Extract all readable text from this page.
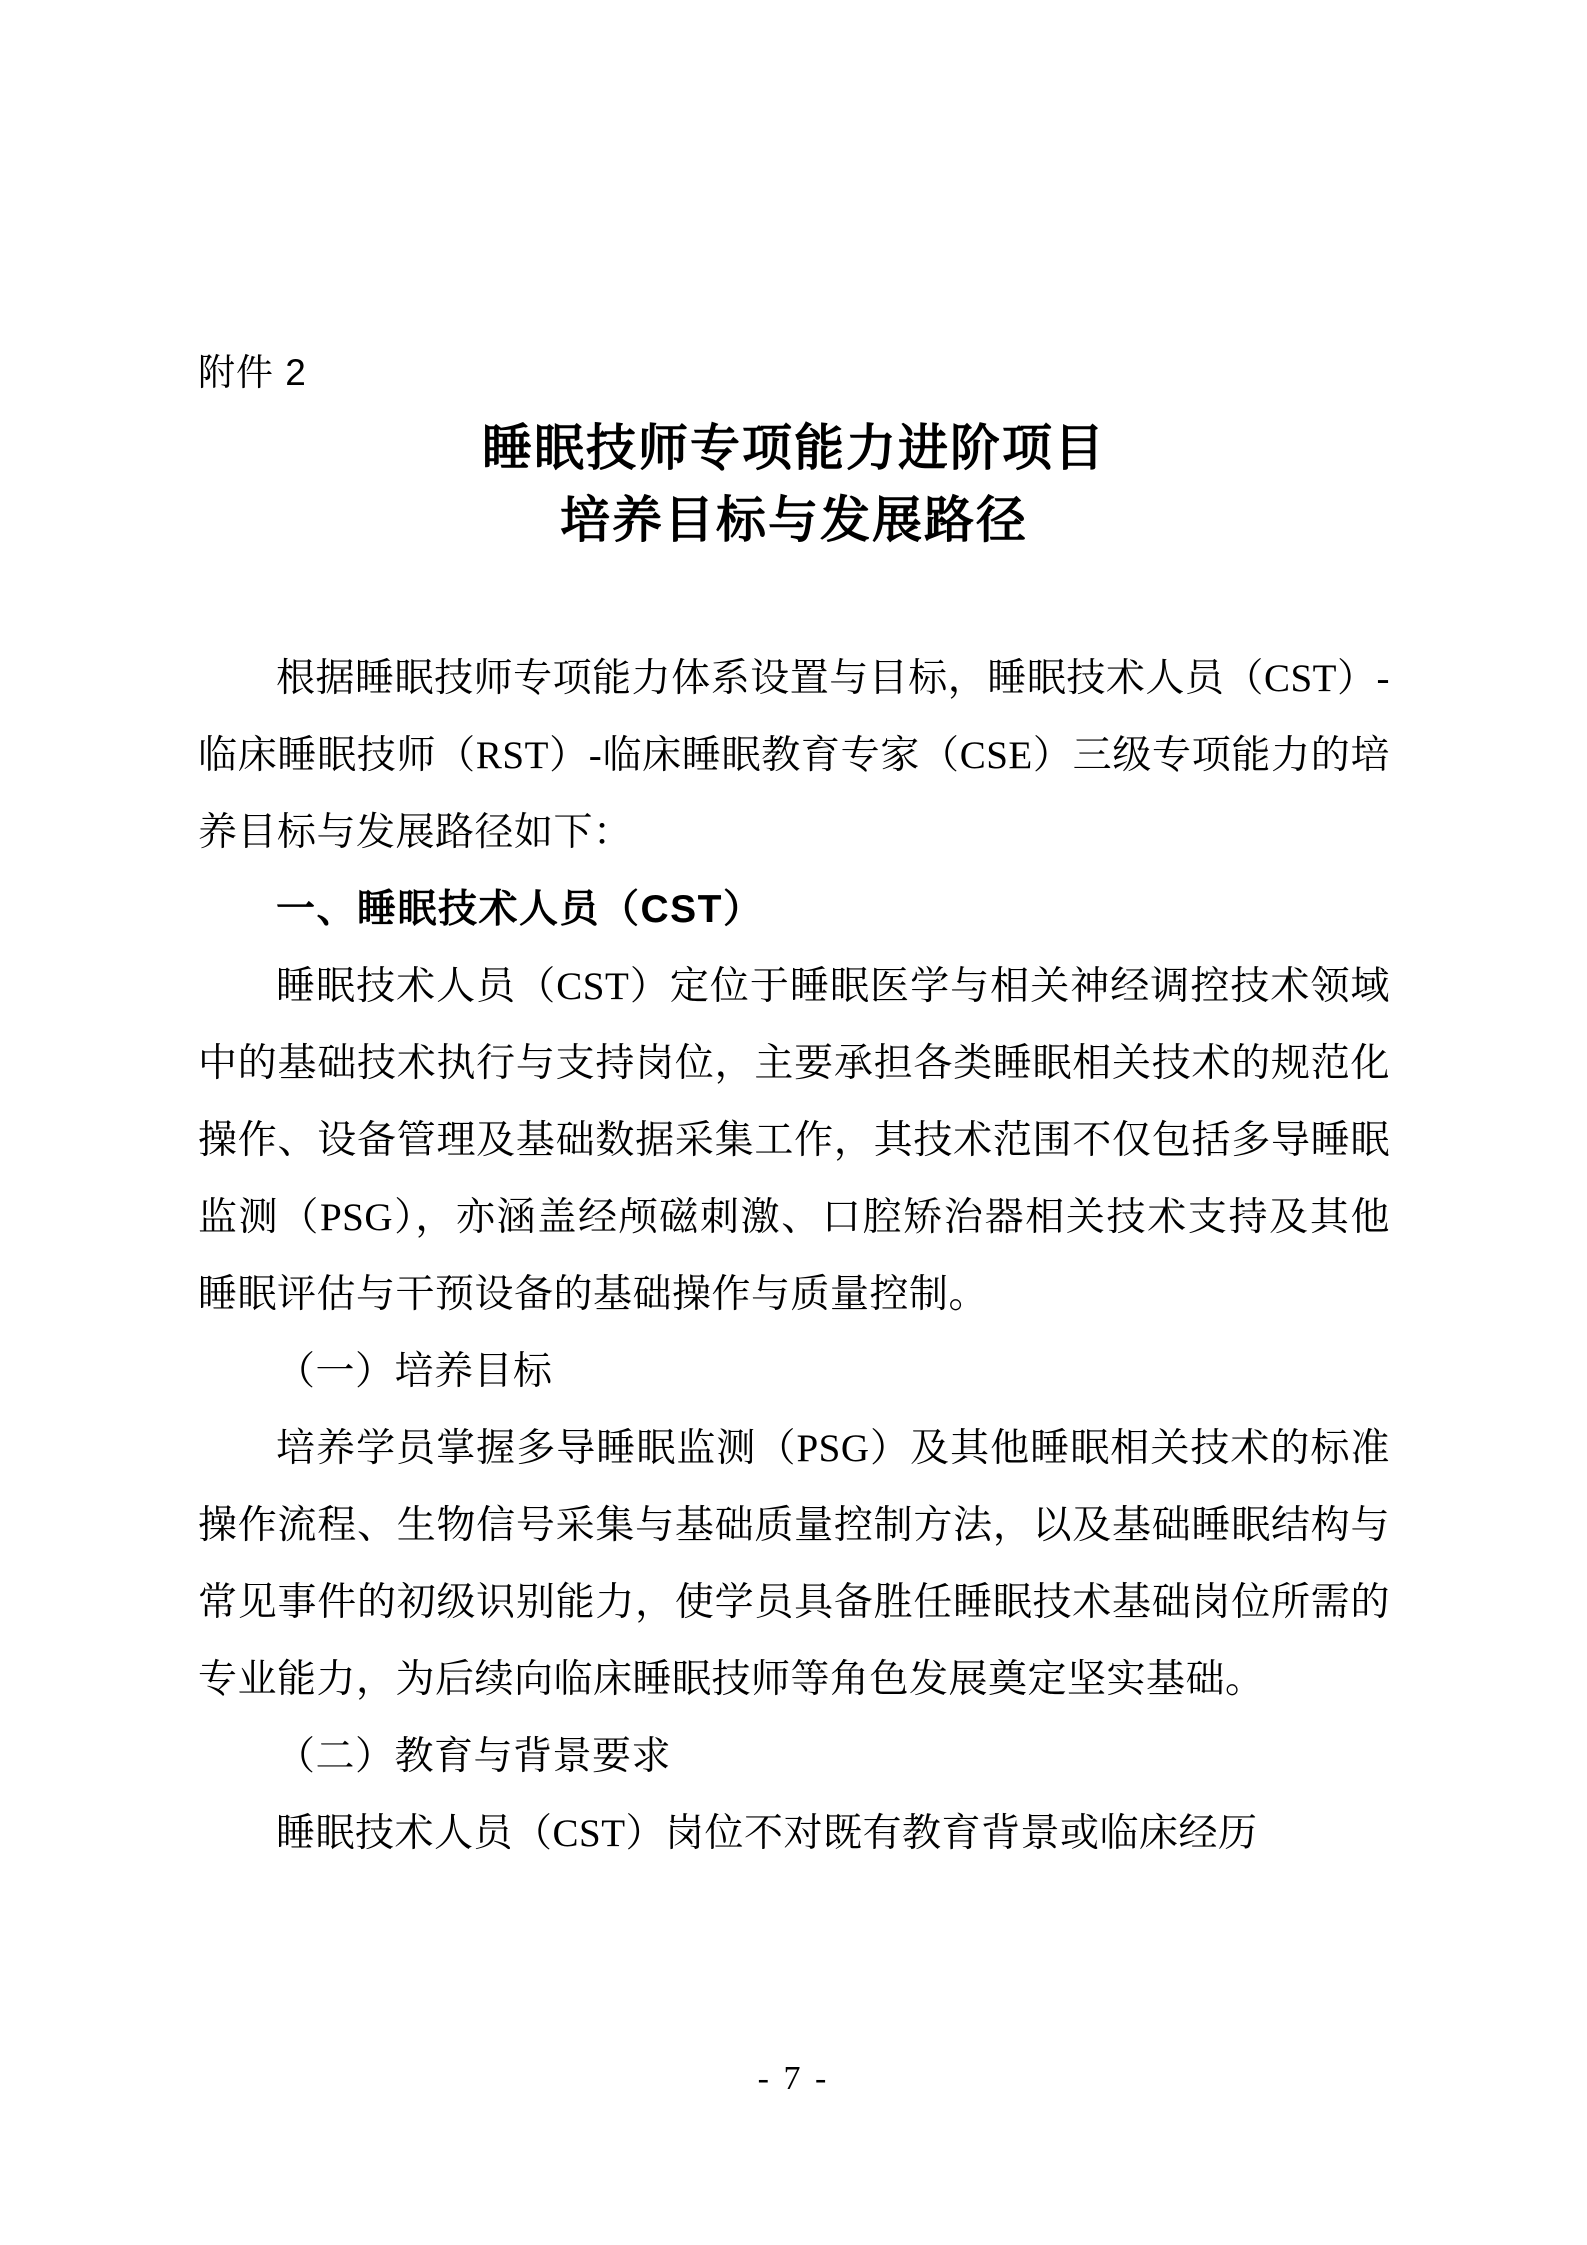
附件 2
睡眠技师专项能力进阶项目
培养目标与发展路径

根据睡眠技师专项能力体系设置与目标，睡眠技术人员（CST）-临床睡眠技师（RST）-临床睡眠教育专家（CSE）三级专项能力的培养目标与发展路径如下：

一、睡眠技术人员（CST）

睡眠技术人员（CST）定位于睡眠医学与相关神经调控技术领域中的基础技术执行与支持岗位，主要承担各类睡眠相关技术的规范化操作、设备管理及基础数据采集工作，其技术范围不仅包括多导睡眠监测（PSG），亦涵盖经颅磁刺激、口腔矫治器相关技术支持及其他睡眠评估与干预设备的基础操作与质量控制。

（一）培养目标

培养学员掌握多导睡眠监测（PSG）及其他睡眠相关技术的标准操作流程、生物信号采集与基础质量控制方法，以及基础睡眠结构与常见事件的初级识别能力，使学员具备胜任睡眠技术基础岗位所需的专业能力，为后续向临床睡眠技师等角色发展奠定坚实基础。

（二）教育与背景要求

睡眠技术人员（CST）岗位不对既有教育背景或临床经历

- 7 -
